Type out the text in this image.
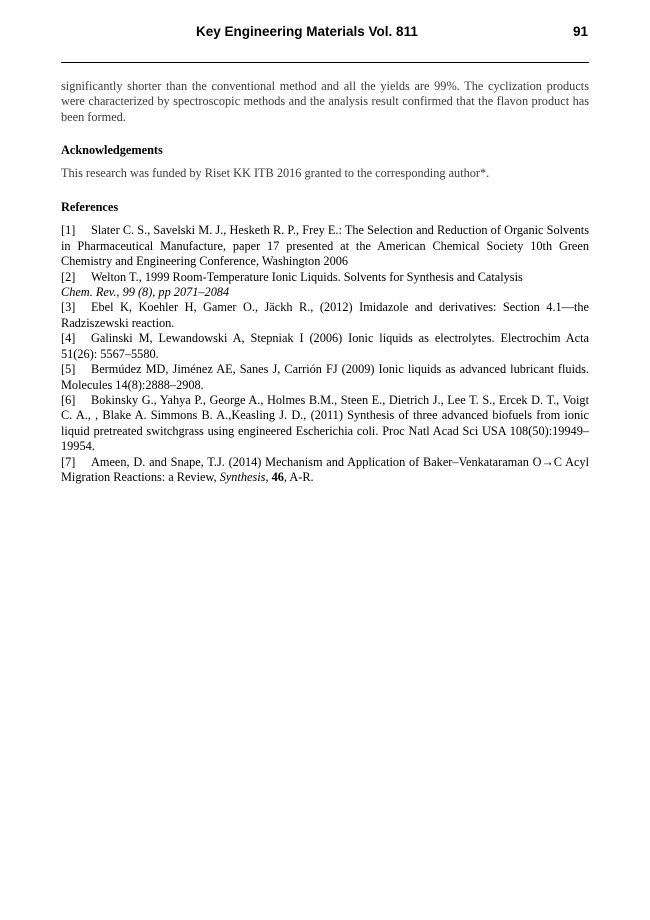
Key Engineering Materials Vol. 811	91

significantly shorter than the conventional method and all the yields are 99%. The cyclization products were characterized by spectroscopic methods and the analysis result confirmed that the flavon product has been formed.

Acknowledgements

This research was funded by Riset KK ITB 2016 granted to the corresponding author*.

References

[1] Slater C. S., Savelski M. J., Hesketh R. P., Frey E.: The Selection and Reduction of Organic Solvents in Pharmaceutical Manufacture, paper 17 presented at the American Chemical Society 10th Green Chemistry and Engineering Conference, Washington 2006

[2] Welton T., 1999 Room-Temperature Ionic Liquids. Solvents for Synthesis and Catalysis
Chem. Rev., 99 (8), pp 2071–2084

[3] Ebel K, Koehler H, Gamer O., Jäckh R., (2012) Imidazole and derivatives: Section 4.1—the Radziszewski reaction.

[4] Galinski M, Lewandowski A, Stepniak I (2006) Ionic liquids as electrolytes. Electrochim Acta 51(26): 5567–5580.

[5] Bermúdez MD, Jiménez AE, Sanes J, Carrión FJ (2009) Ionic liquids as advanced lubricant fluids. Molecules 14(8):2888–2908.

[6] Bokinsky G., Yahya P., George A., Holmes B.M., Steen E., Dietrich J., Lee T. S., Ercek D. T., Voigt C. A., , Blake A. Simmons B. A.,Keasling J. D., (2011) Synthesis of three advanced biofuels from ionic liquid pretreated switchgrass using engineered Escherichia coli. Proc Natl Acad Sci USA 108(50):19949–19954.

[7] Ameen, D. and Snape, T.J. (2014) Mechanism and Application of Baker–Venkataraman O→C Acyl Migration Reactions: a Review, Synthesis, 46, A-R.
